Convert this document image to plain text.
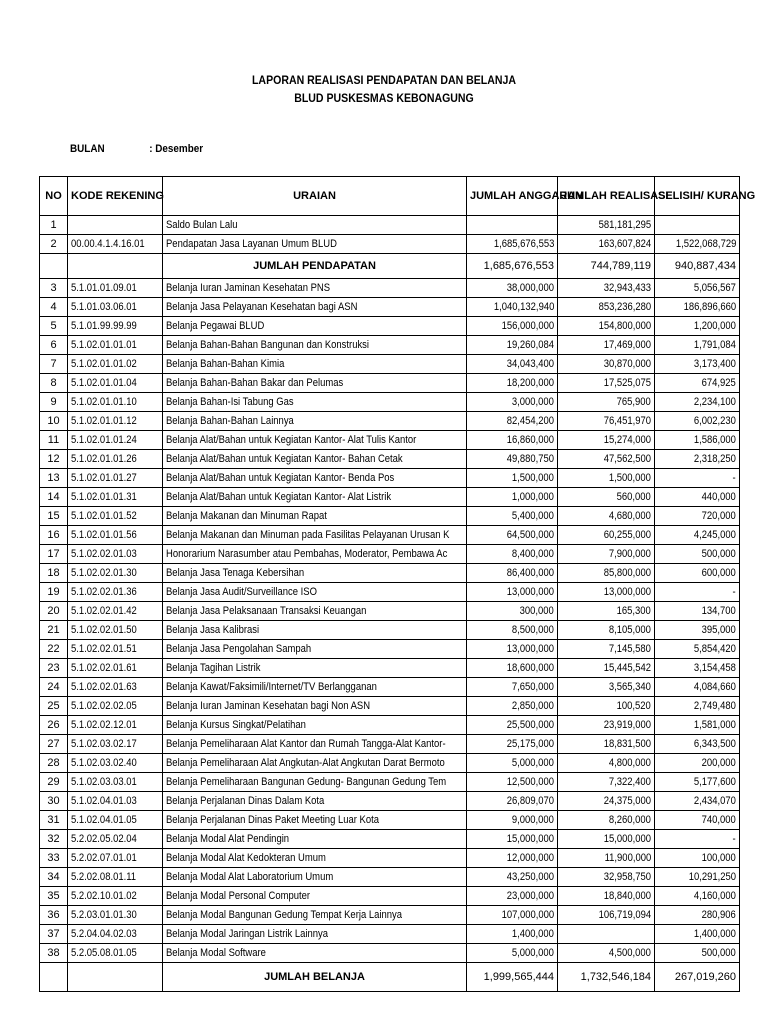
LAPORAN REALISASI PENDAPATAN DAN BELANJA
BLUD PUSKESMAS KEBONAGUNG
BULAN	: Desember
NO	KODE REKENING	URAIAN	JUMLAH ANGGARAN	JUMLAH REALISASI	SELISIH/ KURANG
1		Saldo Bulan Lalu		581,181,295	
2	00.00.4.1.4.16.01	Pendapatan Jasa Layanan Umum BLUD	1,685,676,553	163,607,824	1,522,068,729
		JUMLAH PENDAPATAN	1,685,676,553	744,789,119	940,887,434
3	5.1.01.01.09.01	Belanja Iuran Jaminan Kesehatan PNS	38,000,000	32,943,433	5,056,567
4	5.1.01.03.06.01	Belanja Jasa Pelayanan Kesehatan bagi ASN	1,040,132,940	853,236,280	186,896,660
5	5.1.01.99.99.99	Belanja Pegawai BLUD	156,000,000	154,800,000	1,200,000
6	5.1.02.01.01.01	Belanja Bahan-Bahan Bangunan dan Konstruksi	19,260,084	17,469,000	1,791,084
7	5.1.02.01.01.02	Belanja Bahan-Bahan Kimia	34,043,400	30,870,000	3,173,400
8	5.1.02.01.01.04	Belanja Bahan-Bahan Bakar dan Pelumas	18,200,000	17,525,075	674,925
9	5.1.02.01.01.10	Belanja Bahan-Isi Tabung Gas	3,000,000	765,900	2,234,100
10	5.1.02.01.01.12	Belanja Bahan-Bahan Lainnya	82,454,200	76,451,970	6,002,230
11	5.1.02.01.01.24	Belanja Alat/Bahan untuk Kegiatan Kantor- Alat Tulis Kantor	16,860,000	15,274,000	1,586,000
12	5.1.02.01.01.26	Belanja Alat/Bahan untuk Kegiatan Kantor- Bahan Cetak	49,880,750	47,562,500	2,318,250
13	5.1.02.01.01.27	Belanja Alat/Bahan untuk Kegiatan Kantor- Benda Pos	1,500,000	1,500,000	-
14	5.1.02.01.01.31	Belanja Alat/Bahan untuk Kegiatan Kantor- Alat Listrik	1,000,000	560,000	440,000
15	5.1.02.01.01.52	Belanja Makanan dan Minuman Rapat	5,400,000	4,680,000	720,000
16	5.1.02.01.01.56	Belanja Makanan dan Minuman pada Fasilitas Pelayanan Urusan K	64,500,000	60,255,000	4,245,000
17	5.1.02.02.01.03	Honorarium Narasumber atau Pembahas, Moderator, Pembawa Ac	8,400,000	7,900,000	500,000
18	5.1.02.02.01.30	Belanja Jasa Tenaga Kebersihan	86,400,000	85,800,000	600,000
19	5.1.02.02.01.36	Belanja Jasa Audit/Surveillance ISO	13,000,000	13,000,000	-
20	5.1.02.02.01.42	Belanja Jasa Pelaksanaan Transaksi Keuangan	300,000	165,300	134,700
21	5.1.02.02.01.50	Belanja Jasa Kalibrasi	8,500,000	8,105,000	395,000
22	5.1.02.02.01.51	Belanja Jasa Pengolahan Sampah	13,000,000	7,145,580	5,854,420
23	5.1.02.02.01.61	Belanja Tagihan Listrik	18,600,000	15,445,542	3,154,458
24	5.1.02.02.01.63	Belanja Kawat/Faksimili/Internet/TV Berlangganan	7,650,000	3,565,340	4,084,660
25	5.1.02.02.02.05	Belanja Iuran Jaminan Kesehatan bagi Non ASN	2,850,000	100,520	2,749,480
26	5.1.02.02.12.01	Belanja Kursus Singkat/Pelatihan	25,500,000	23,919,000	1,581,000
27	5.1.02.03.02.17	Belanja Pemeliharaan Alat Kantor dan Rumah Tangga-Alat Kantor-	25,175,000	18,831,500	6,343,500
28	5.1.02.03.02.40	Belanja Pemeliharaan Alat Angkutan-Alat Angkutan Darat Bermoto	5,000,000	4,800,000	200,000
29	5.1.02.03.03.01	Belanja Pemeliharaan Bangunan Gedung- Bangunan Gedung Tem	12,500,000	7,322,400	5,177,600
30	5.1.02.04.01.03	Belanja Perjalanan Dinas Dalam Kota	26,809,070	24,375,000	2,434,070
31	5.1.02.04.01.05	Belanja Perjalanan Dinas Paket Meeting Luar Kota	9,000,000	8,260,000	740,000
32	5.2.02.05.02.04	Belanja Modal Alat Pendingin	15,000,000	15,000,000	-
33	5.2.02.07.01.01	Belanja Modal Alat Kedokteran Umum	12,000,000	11,900,000	100,000
34	5.2.02.08.01.11	Belanja Modal Alat Laboratorium Umum	43,250,000	32,958,750	10,291,250
35	5.2.02.10.01.02	Belanja Modal Personal Computer	23,000,000	18,840,000	4,160,000
36	5.2.03.01.01.30	Belanja Modal Bangunan Gedung Tempat Kerja Lainnya	107,000,000	106,719,094	280,906
37	5.2.04.04.02.03	Belanja Modal Jaringan Listrik Lainnya	1,400,000		1,400,000
38	5.2.05.08.01.05	Belanja Modal Software	5,000,000	4,500,000	500,000
		JUMLAH BELANJA	1,999,565,444	1,732,546,184	267,019,260
